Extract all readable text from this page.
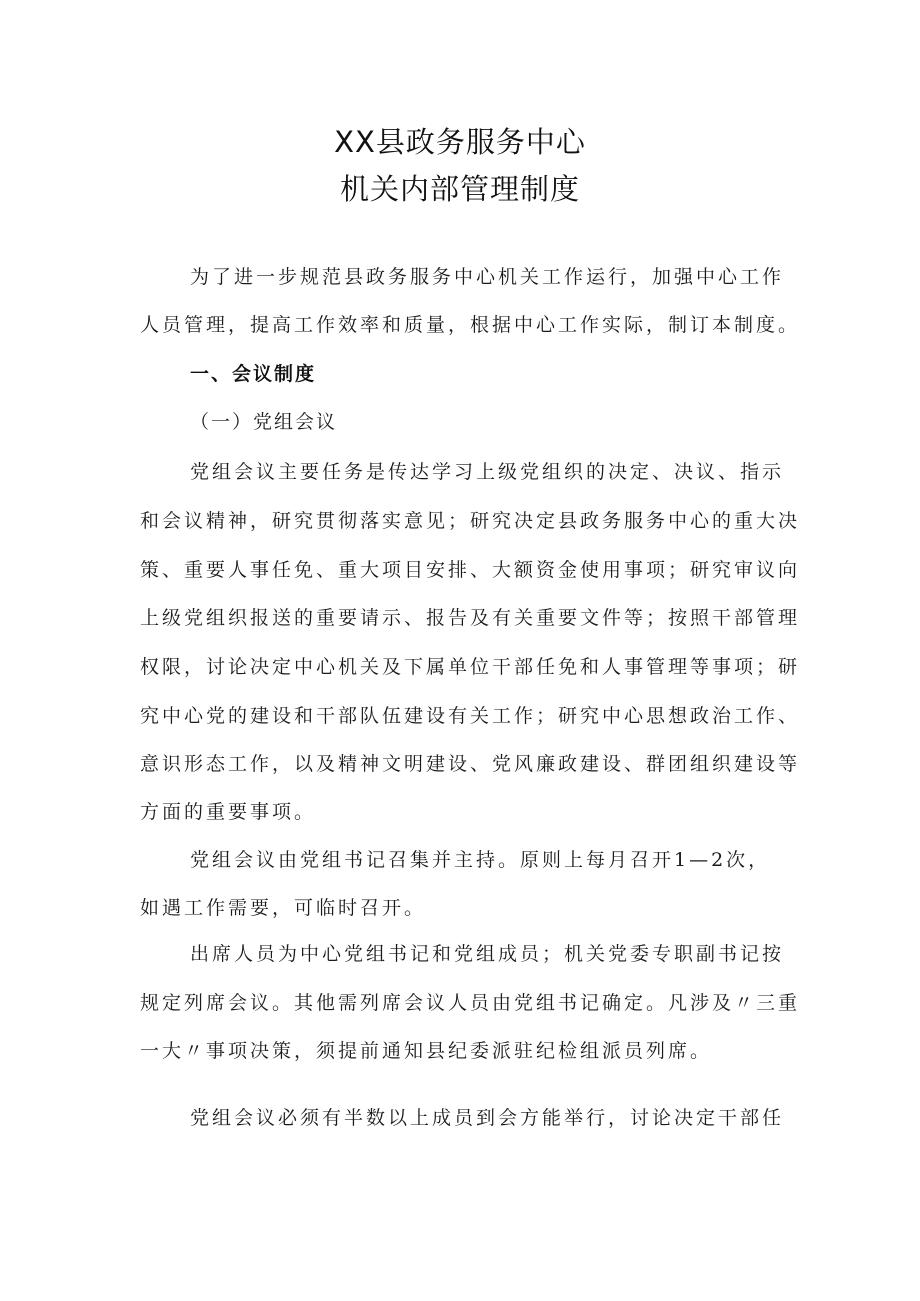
XX县政务服务中心
机关内部管理制度
为了进一步规范县政务服务中心机关工作运行，加强中心工作
人员管理，提高工作效率和质量，根据中心工作实际，制订本制度。
一、会议制度
（一）党组会议
党组会议主要任务是传达学习上级党组织的决定、决议、指示
和会议精神，研究贯彻落实意见；研究决定县政务服务中心的重大决
策、重要人事任免、重大项目安排、大额资金使用事项；研究审议向
上级党组织报送的重要请示、报告及有关重要文件等；按照干部管理
权限，讨论决定中心机关及下属单位干部任免和人事管理等事项；研
究中心党的建设和干部队伍建设有关工作；研究中心思想政治工作、
意识形态工作，以及精神文明建设、党风廉政建设、群团组织建设等
方面的重要事项。
党组会议由党组书记召集并主持。原则上每月召开1—2次，
如遇工作需要，可临时召开。
出席人员为中心党组书记和党组成员；机关党委专职副书记按
规定列席会议。其他需列席会议人员由党组书记确定。凡涉及〃三重
一大〃事项决策，须提前通知县纪委派驻纪检组派员列席。
党组会议必须有半数以上成员到会方能举行，讨论决定干部任
